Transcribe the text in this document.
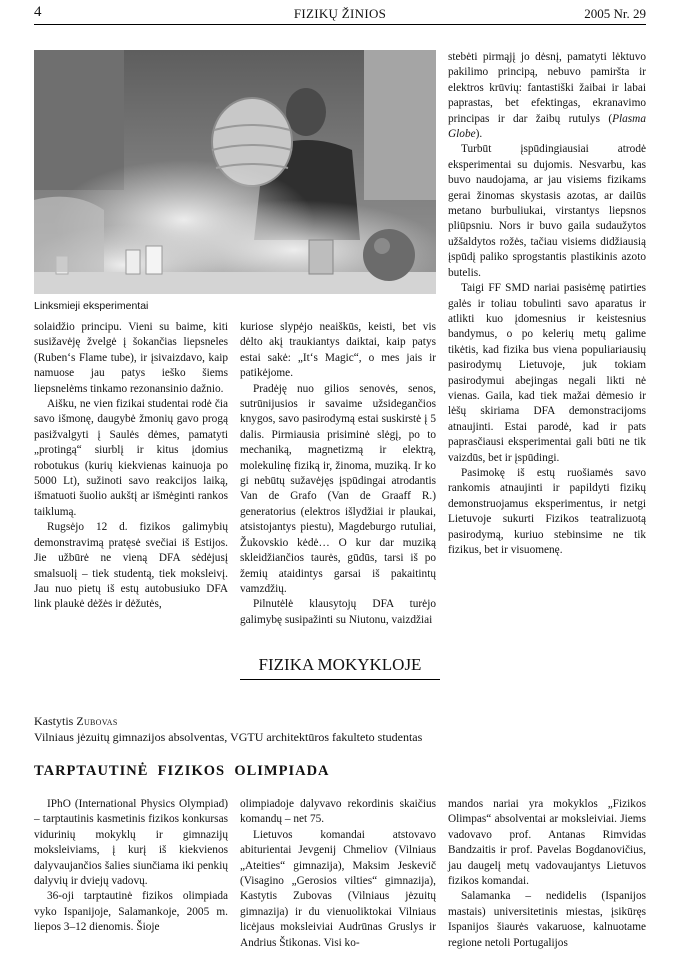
4	FIZIKŲ ŽINIOS	2005 Nr. 29
Linksmieji eksperimentai

solaidžio principu. Vieni su baime, kiti susižavėję žvelgė į šokančias liepsneles (Ruben‘s Flame tube), ir įsivaizdavo, kaip namuose jau patys ieško šiems liepsnelėms tinkamo rezonansinio dažnio.

Aišku, ne vien fizikai studentai rodė čia savo išmonę, daugybė žmonių gavo progą pasižvalgyti į Saulės dėmes, pamatyti „protingą“ siurblį ir kitus įdomius robotukus (kurių kiekvienas kainuoja po 5000 Lt), sužinoti savo reakcijos laiką, išmatuoti šuolio aukštį ar išmėginti rankos taiklumą.

Rugsėjo 12 d. fizikos galimybių demonstravimą pratęsė svečiai iš Estijos. Jie užbūrė ne vieną DFA sėdėjusį smalsuolį – tiek studentą, tiek moksleivį. Jau nuo pietų iš estų autobusiuko DFA link plaukė dėžės ir dėžutės,

kuriose slypėjo neaiškūs, keisti, bet vis dėlto akį traukiantys daiktai, kaip patys estai sakė: „It‘s Magic“, o mes jais ir patikėjome.

Pradėję nuo gilios senovės, senos, sutrūnijusios ir savaime užsidegančios knygos, savo pasirodymą estai suskirstė į 5 dalis. Pirmiausia prisiminė slėgį, po to mechaniką, magnetizmą ir elektrą, molekulinę fiziką ir, žinoma, muziką. Ir ko gi nebūtų sužavėjęs įspūdingai atrodantis Van de Grafo (Van de Graaff R.) generatorius (elektros išlydžiai ir plaukai, atsistojantys piestu), Magdeburgo rutuliai, Žukovskio kėdė… O kur dar muziką skleidžiančios taurės, gūdūs, tarsi iš po žemių ataidintys garsai iš pakaitintų vamzdžių.

Pilnutėlė klausytojų DFA turėjo galimybę susipažinti su Niutonu, vaizdžiai

stebėti pirmąjį jo dėsnį, pamatyti lėktuvo pakilimo principą, nebuvo pamiršta ir elektros krūvių: fantastiški žaibai ir labai paprastas, bet efektingas, ekranavimo principas ir dar žaibų rutulys (Plasma Globe).

Turbūt įspūdingiausiai atrodė eksperimentai su dujomis. Nesvarbu, kas buvo naudojama, ar jau visiems fizikams gerai žinomas skystasis azotas, ar dailūs metano burbuliukai, virstantys liepsnos pliūpsniu. Nors ir buvo gaila sudaužytos užšaldytos rožės, tačiau visiems didžiausią įspūdį paliko sprogstantis plastikinis azoto butelis.

Taigi FF SMD nariai pasisėmę patirties galės ir toliau tobulinti savo aparatus ir atlikti kuo įdomesnius ir keistesnius bandymus, o po kelerių metų galime tikėtis, kad fizika bus viena populiariausių pasirodymų Lietuvoje, juk tokiam pasirodymui abejingas negali likti nė vienas. Gaila, kad tiek mažai dėmesio ir lėšų skiriama DFA demonstracijoms atnaujinti. Estai parodė, kad ir pats paprasčiausi eksperimentai gali būti ne tik vaizdūs, bet ir įspūdingi.

Pasimokę iš estų ruošiamės savo rankomis atnaujinti ir papildyti fizikų demonstruojamus eksperimentus, ir netgi Lietuvoje sukurti Fizikos teatralizuotą pasirodymą, kuriuo stebinsime ne tik fizikus, bet ir visuomenę.

FIZIKA MOKYKLOJE
Kastytis Zubovas
Vilniaus jėzuitų gimnazijos absolventas, VGTU architektūros fakulteto studentas
TARPTAUTINĖ  FIZIKOS  OLIMPIADA

IPhO (International Physics Olympiad) – tarptautinis kasmetinis fizikos konkursas vidurinių mokyklų ir gimnazijų moksleiviams, į kurį iš kiekvienos dalyvaujančios šalies siunčiama iki penkių dalyvių ir dviejų vadovų.

36-oji tarptautinė fizikos olimpiada vyko Ispanijoje, Salamankoje, 2005 m. liepos 3–12 dienomis. Šioje

olimpiadoje dalyvavo rekordinis skaičius komandų – net 75.

Lietuvos komandai atstovavo abiturientai Jevgenij Chmeliov (Vilniaus „Ateities“ gimnazija), Maksim Jeskevič (Visagino „Gerosios vilties“ gimnazija), Kastytis Zubovas (Vilniaus jėzuitų gimnazija) ir du vienuoliktokai Vilniaus licėjaus moksleiviai Audrūnas Gruslys ir Andrius Štikonas. Visi ko-

mandos nariai yra mokyklos „Fizikos Olimpas“ absolventai ar moksleiviai. Jiems vadovavo prof. Antanas Rimvidas Bandzaitis ir prof. Pavelas Bogdanovičius, jau daugelį metų vadovaujantys Lietuvos fizikos komandai.

Salamanka – nedidelis (Ispanijos mastais) universitetinis miestas, įsikūręs Ispanijos šiaurės vakaruose, kalnuotame regione netoli Portugalijos
